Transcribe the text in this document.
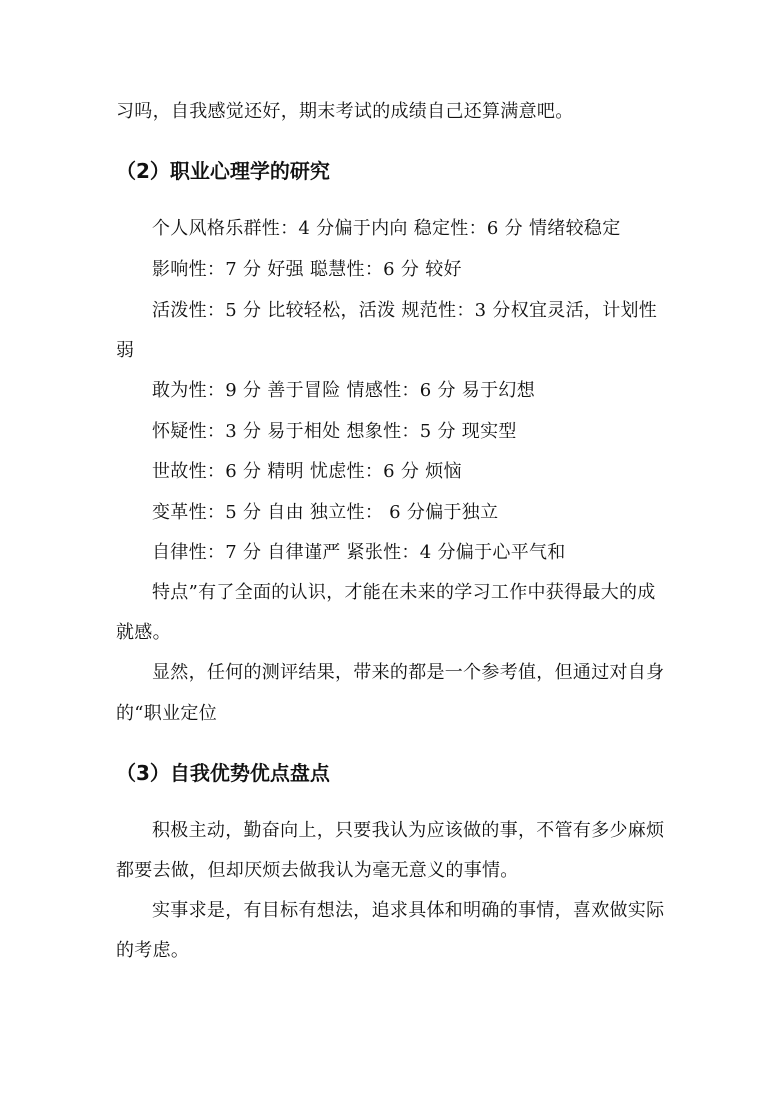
习吗，自我感觉还好，期末考试的成绩自己还算满意吧。
（2）职业心理学的研究
个人风格乐群性：4 分偏于内向 稳定性：6 分 情绪较稳定
影响性：7 分 好强 聪慧性：6 分 较好
活泼性：5 分 比较轻松，活泼 规范性：3 分权宜灵活，计划性
弱
敢为性：9 分 善于冒险 情感性：6 分 易于幻想
怀疑性：3 分 易于相处 想象性：5 分 现实型
世故性：6 分 精明 忧虑性：6 分 烦恼
变革性：5 分 自由 独立性： 6 分偏于独立
自律性：7 分 自律谨严 紧张性：4 分偏于心平气和
特点”有了全面的认识，才能在未来的学习工作中获得最大的成
就感。
显然，任何的测评结果，带来的都是一个参考值，但通过对自身
的“职业定位
（3）自我优势优点盘点
积极主动，勤奋向上，只要我认为应该做的事，不管有多少麻烦
都要去做，但却厌烦去做我认为毫无意义的事情。
实事求是，有目标有想法，追求具体和明确的事情，喜欢做实际
的考虑。
